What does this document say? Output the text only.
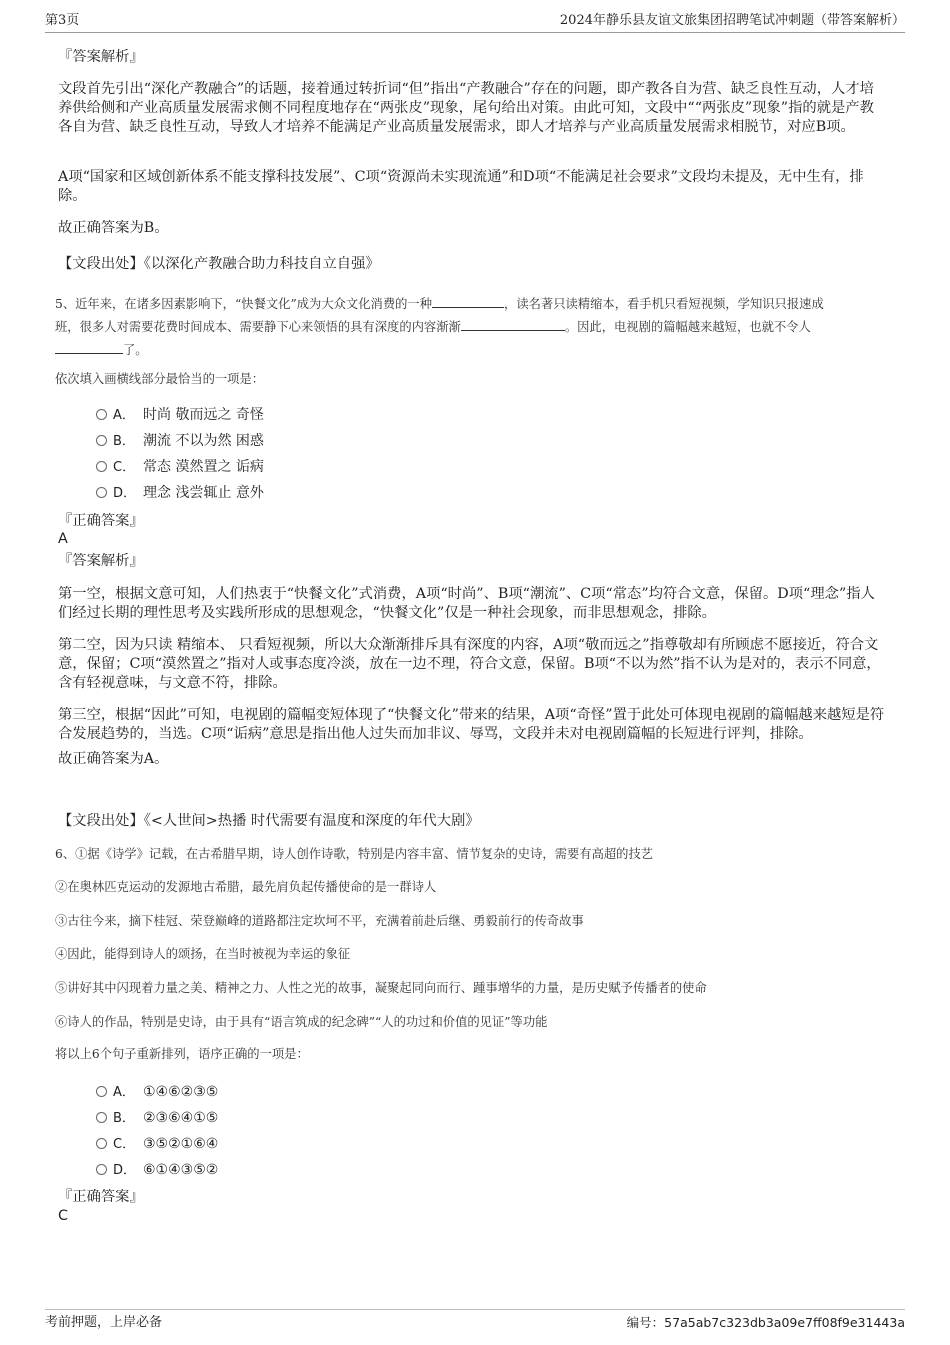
第3页	2024年静乐县友谊文旅集团招聘笔试冲刺题（带答案解析）
『答案解析』
文段首先引出“深化产教融合”的话题，接着通过转折词“但”指出“产教融合”存在的问题，即产教各自为营、缺乏良性互动，人才培养供给侧和产业高质量发展需求侧不同程度地存在“两张皮”现象，尾句给出对策。由此可知，文段中““两张皮”现象”指的就是产教各自为营、缺乏良性互动，导致人才培养不能满足产业高质量发展需求，即人才培养与产业高质量发展需求相脱节，对应B项。
A项“国家和区域创新体系不能支撑科技发展”、C项“资源尚未实现流通”和D项“不能满足社会要求”文段均未提及，无中生有，排除。
故正确答案为B。
【文段出处】《以深化产教融合助力科技自立自强》
5、近年来，在诸多因素影响下，“快餐文化”成为大众文化消费的一种	，读名著只读精缩本，看手机只看短视频，学知识只报速成
班，很多人对需要花费时间成本、需要静下心来领悟的具有深度的内容渐渐	。因此，电视剧的篇幅越来越短，也就不令人
了。
依次填入画横线部分最恰当的一项是：
A． 时尚 敬而远之 奇怪
B． 潮流 不以为然 困惑
C． 常态 漠然置之 诟病
D． 理念 浅尝辄止 意外
『正确答案』
A
『答案解析』
第一空，根据文意可知，人们热衷于“快餐文化”式消费，A项“时尚”、B项“潮流”、C项“常态”均符合文意，保留。D项“理念”指人们经过长期的理性思考及实践所形成的思想观念，“快餐文化”仅是一种社会现象，而非思想观念，排除。
第二空，因为只读 精缩本、 只看短视频，所以大众渐渐排斥具有深度的内容，A项“敬而远之”指尊敬却有所顾虑不愿接近，符合文意，保留；C项“漠然置之”指对人或事态度冷淡，放在一边不理，符合文意，保留。B项“不以为然”指不认为是对的，表示不同意，含有轻视意味，与文意不符，排除。
第三空，根据“因此”可知，电视剧的篇幅变短体现了“快餐文化”带来的结果，A项“奇怪”置于此处可体现电视剧的篇幅越来越短是符合发展趋势的，当选。C项“诟病”意思是指出他人过失而加非议、辱骂，文段并未对电视剧篇幅的长短进行评判，排除。
故正确答案为A。
【文段出处】《<人世间>热播 时代需要有温度和深度的年代大剧》
6、①据《诗学》记载，在古希腊早期，诗人创作诗歌，特别是内容丰富、情节复杂的史诗，需要有高超的技艺
②在奥林匹克运动的发源地古希腊，最先肩负起传播使命的是一群诗人
③古往今来，摘下桂冠、荣登巅峰的道路都注定坎坷不平，充满着前赴后继、勇毅前行的传奇故事
④因此，能得到诗人的颂扬，在当时被视为幸运的象征
⑤讲好其中闪现着力量之美、精神之力、人性之光的故事，凝聚起同向而行、踵事增华的力量，是历史赋予传播者的使命
⑥诗人的作品，特别是史诗，由于具有“语言筑成的纪念碑”“人的功过和价值的见证”等功能
将以上6个句子重新排列，语序正确的一项是：
A． ①④⑥②③⑤
B． ②③⑥④①⑤
C． ③⑤②①⑥④
D． ⑥①④③⑤②
『正确答案』
C
考前押题，上岸必备	编号：57a5ab7c323db3a09e7ff08f9e31443a
